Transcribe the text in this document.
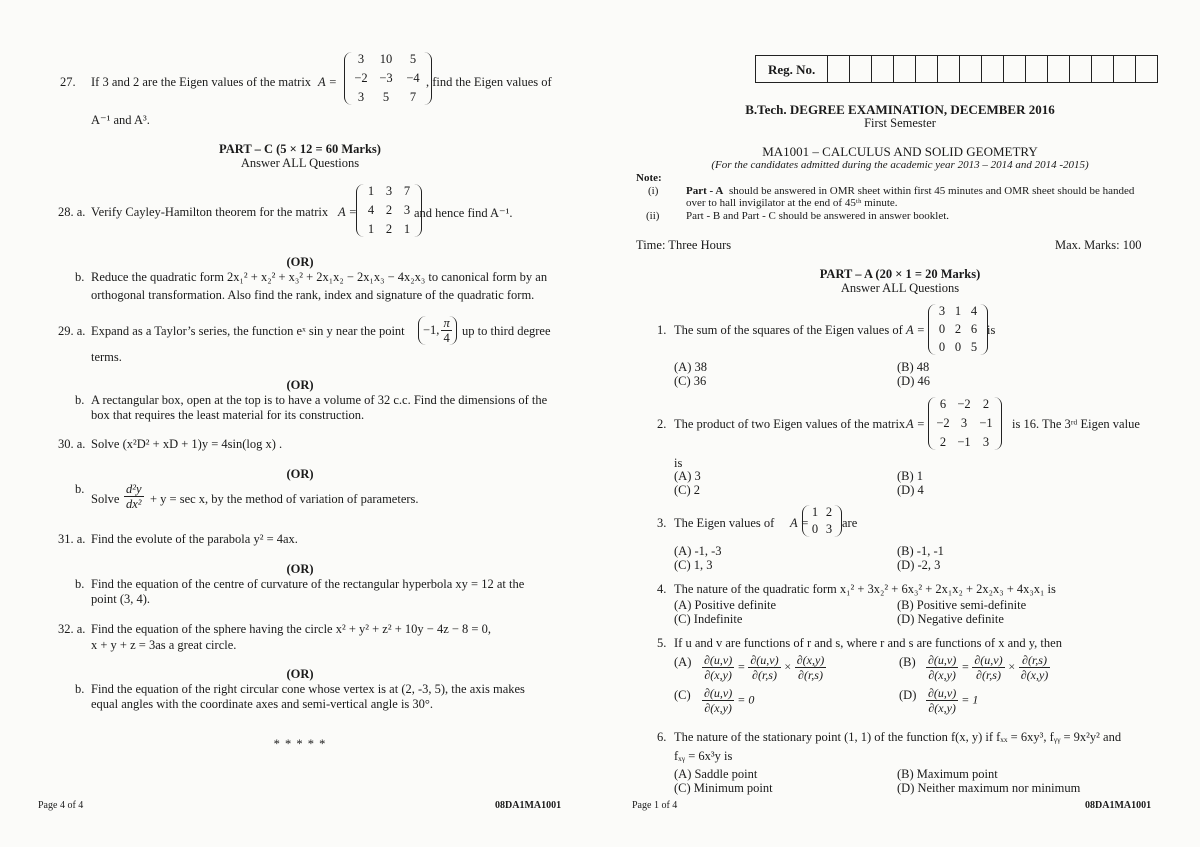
27. If 3 and 2 are the Eigen values of the matrix A =
3	10	5
−2 −3	−4
3	5	7
, find the Eigen values of
A⁻¹ and A³.
PART – C (5 × 12 = 60 Marks)
Answer ALL Questions
28. a. Verify Cayley-Hamilton theorem for the matrix A =
1 3 7
4 2 3
1 2 1
and hence find A⁻¹.
(OR)
b. Reduce the quadratic form 2x₁² + x₂² + x₃² + 2x₁x₂ − 2x₁x₃ − 4x₂x₃ to canonical form by an
orthogonal transformation. Also find the rank, index and signature of the quadratic form.
29. a. Expand as a Taylor’s series, the function eˣ sin y near the point −1, $\frac{\pi}{4}$ up to third degree
terms.
(OR)
b. A rectangular box, open at the top is to have a volume of 32 c.c. Find the dimensions of the
box that requires the least material for its construction.
30. a. Solve (x²D² + xD + 1)y = 4sin(log x) .
(OR)
b.
Solve $\frac{\text{d²y}}{\text{dx²}} + y = \sec x$, by the method of variation of parameters.
31. a. Find the evolute of the parabola y² = 4ax.
(OR)
b. Find the equation of the centre of curvature of the rectangular hyperbola xy = 12 at the
point (3, 4).
32. a. Find the equation of the sphere having the circle x² + y² + z² + 10y − 4z − 8 = 0,
x + y + z = 3as a great circle.
(OR)
b. Find the equation of the right circular cone whose vertex is at (2, -3, 5), the axis makes
equal angles with the coordinate axes and semi-vertical angle is 30°.
* * * * *
Page 4 of 4	08DA1MA1001
Reg. No.
B.Tech. DEGREE EXAMINATION, DECEMBER 2016
First Semester
MA1001 – CALCULUS AND SOLID GEOMETRY
(For the candidates admitted during the academic year 2013 – 2014 and 2014 -2015)
Note:
(i)	Part - A should be answered in OMR sheet within first 45 minutes and OMR sheet should be handed
over to hall invigilator at the end of 45ᵗʰ minute.
(ii) Part - B and Part - C should be answered in answer booklet.
Time: Three Hours	Max. Marks: 100
PART – A (20 × 1 = 20 Marks)
Answer ALL Questions
1. The sum of the squares of the Eigen values of A =
3 1 4
0 2 6
0 0 5
is
(A) 38	(B) 48
(C) 36	(D) 46
2. The product of two Eigen values of the matrix A =
6 −2 2
−2 3 −1
2 −1 3
is 16. The 3ʳᵈ Eigen value
is
(A) 3	(B) 1
(C) 2	(D) 4
3. The Eigen values of A =
1 2
0 3 are
(A) -1, -3	(B) -1, -1
(C) 1, 3	(D) -2, 3
4. The nature of the quadratic form x₁² + 3x₂² + 6x₃² + 2x₁x₂ + 2x₂x₃ + 4x₃x₁ is
(A) Positive definite	(B) Positive semi-definite
(C) Indefinite	(D) Negative definite
5. If u and v are functions of r and s, where r and s are functions of x and y, then
$(A) \frac{\partial(u,v)}{\partial(x,y)} = \frac{\partial(u,v)}{\partial(r,s)} \times \frac{\partial(x,y)}{\partial(r,s)}$	$(B) \frac{\partial(u,v)}{\partial(x,y)} = \frac{\partial(u,v)}{\partial(r,s)} \times \frac{\partial(r,s)}{\partial(x,y)}$
$(C) \frac{\partial(u,v)}{\partial(x,y)} = 0$	$(D) \frac{\partial(u,v)}{\partial(x,y)} = 1$
6. The nature of the stationary point (1, 1) of the function f(x, y) if fₓₓ = 6xy³, fᵧᵧ = 9x²y² and
fₓᵧ = 6x³y is
(A) Saddle point	(B) Maximum point
(C) Minimum point	(D) Neither maximum nor minimum
Page 1 of 4	08DA1MA1001
